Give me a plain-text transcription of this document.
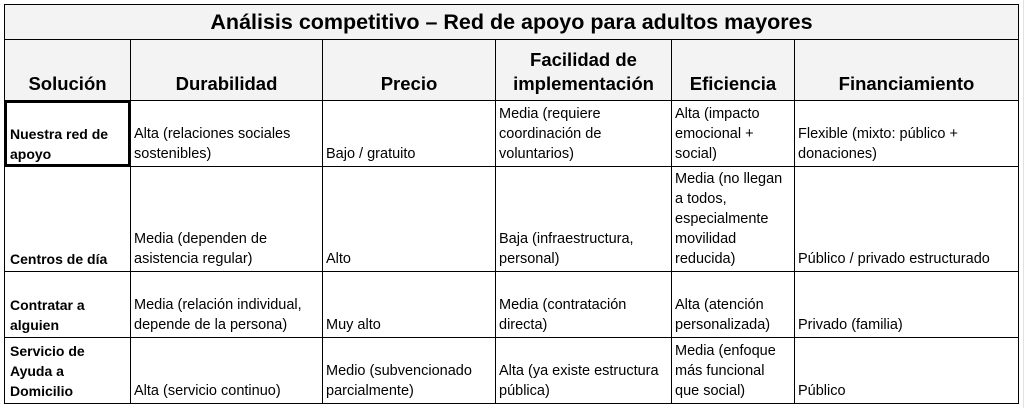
Análisis competitivo – Red de apoyo para adultos mayores					
Solución	Durabilidad	Precio	Facilidad de implementación	Eficiencia	Financiamiento
Nuestra red de apoyo	Alta (relaciones sociales sostenibles)	Bajo / gratuito	Media (requiere coordinación de voluntarios)	Alta (impacto emocional + social)	Flexible (mixto: público + donaciones)
Centros de día	Media (dependen de asistencia regular)	Alto	Baja (infraestructura, personal)	Media (no llegan a todos, especialmente movilidad reducida)	Público / privado estructurado
Contratar a alguien	Media (relación individual, depende de la persona)	Muy alto	Media (contratación directa)	Alta (atención personalizada)	Privado (familia)
Servicio de Ayuda a Domicilio	Alta (servicio continuo)	Medio (subvencionado parcialmente)	Alta (ya existe estructura pública)	Media (enfoque más funcional que social)	Público
